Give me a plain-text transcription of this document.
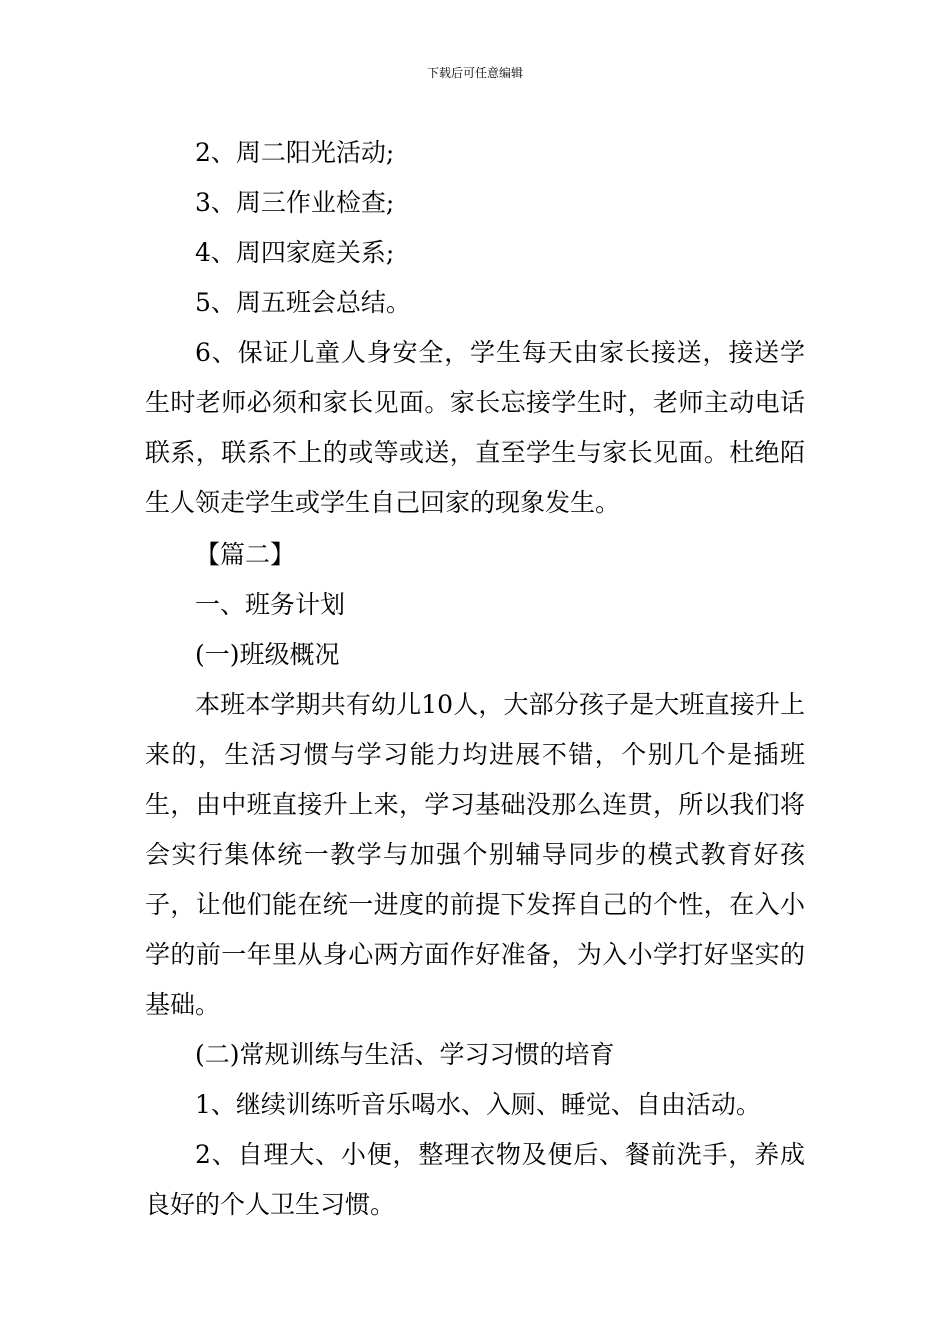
下载后可任意编辑

2、周二阳光活动;

3、周三作业检查;

4、周四家庭关系;

5、周五班会总结。

6、保证儿童人身安全，学生每天由家长接送，接送学生时老师必须和家长见面。家长忘接学生时，老师主动电话联系，联系不上的或等或送，直至学生与家长见面。杜绝陌生人领走学生或学生自己回家的现象发生。

【篇二】

一、班务计划

(一)班级概况

本班本学期共有幼儿10人，大部分孩子是大班直接升上来的，生活习惯与学习能力均进展不错，个别几个是插班生，由中班直接升上来，学习基础没那么连贯，所以我们将会实行集体统一教学与加强个别辅导同步的模式教育好孩子，让他们能在统一进度的前提下发挥自己的个性，在入小学的前一年里从身心两方面作好准备，为入小学打好坚实的基础。

(二)常规训练与生活、学习习惯的培育

1、继续训练听音乐喝水、入厕、睡觉、自由活动。

2、自理大、小便，整理衣物及便后、餐前洗手，养成良好的个人卫生习惯。
